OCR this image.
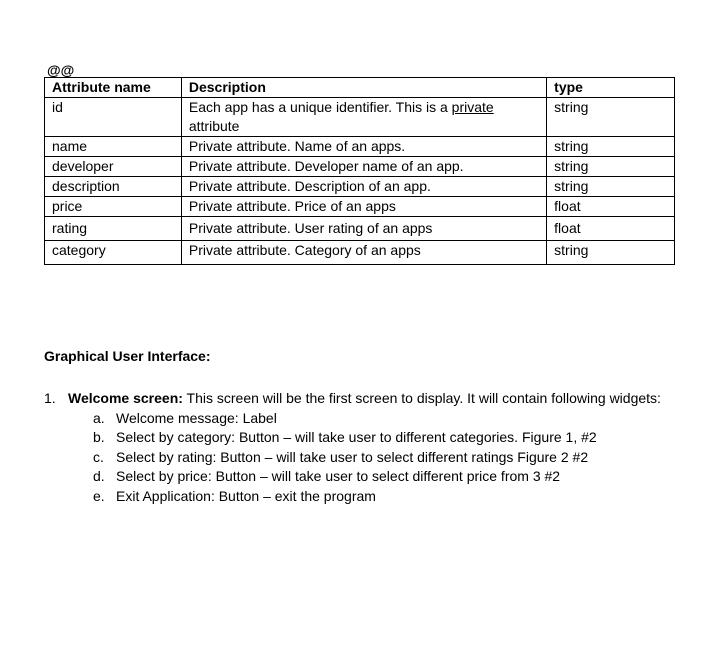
@@
Attribute name	Description	type
id	Each app has a unique identifier. This is a private attribute	string
name	Private attribute. Name of an apps.	string
developer	Private attribute. Developer name of an app.	string
description	Private attribute. Description of an app.	string
price	Private attribute. Price of an apps	float
rating	Private attribute. User rating of an apps	float
category	Private attribute. Category of an apps	string
Graphical User Interface:
1. Welcome screen: This screen will be the first screen to display. It will contain following widgets:
a. Welcome message: Label
b. Select by category: Button – will take user to different categories. Figure 1, #2
c. Select by rating: Button – will take user to select different ratings Figure 2 #2
d. Select by price: Button – will take user to select different price from 3 #2
e. Exit Application: Button – exit the program
